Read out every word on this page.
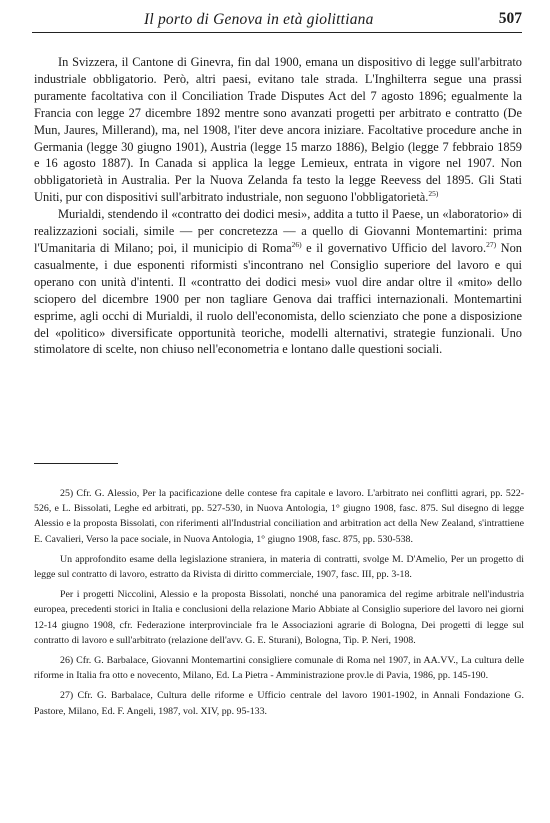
Il porto di Genova in età giolittiana	507

In Svizzera, il Cantone di Ginevra, fin dal 1900, emana un dispositivo di legge sull'arbitrato industriale obbligatorio. Però, altri paesi, evitano tale strada. L'Inghilterra segue una prassi puramente facoltativa con il Conciliation Trade Disputes Act del 7 agosto 1896; egualmente la Francia con legge 27 dicembre 1892 mentre sono avanzati progetti per arbitrato e contratto (De Mun, Jaures, Millerand), ma, nel 1908, l'iter deve ancora iniziare. Facoltative procedure anche in Germania (legge 30 giugno 1901), Austria (legge 15 marzo 1886), Belgio (legge 7 febbraio 1859 e 16 agosto 1887). In Canada si applica la legge Lemieux, entrata in vigore nel 1907. Non obbligatorietà in Australia. Per la Nuova Zelanda fa testo la legge Reevess del 1895. Gli Stati Uniti, pur con dispositivi sull'arbitrato industriale, non seguono l'obbligatorietà.$^{25)}$

Murialdi, stendendo il «contratto dei dodici mesi», addita a tutto il Paese, un «laboratorio» di realizzazioni sociali, simile — per concretezza — a quello di Giovanni Montemartini: prima l'Umanitaria di Milano; poi, il municipio di Roma$^{26)}$ e il governativo Ufficio del lavoro.$^{27)}$ Non casualmente, i due esponenti riformisti s'incontrano nel Consiglio superiore del lavoro e qui operano con unità d'intenti. Il «contratto dei dodici mesi» vuol dire andar oltre il «mito» dello sciopero del dicembre 1900 per non tagliare Genova dai traffici internazionali. Montemartini esprime, agli occhi di Murialdi, il ruolo dell'economista, dello scienziato che pone a disposizione del «politico» diversificate opportunità teoriche, modelli alternativi, strategie funzionali. Uno stimolatore di scelte, non chiuso nell'econometria e lontano dalle questioni sociali.

25) Cfr. G. Alessio, Per la pacificazione delle contese fra capitale e lavoro. L'arbitrato nei conflitti agrari, pp. 522-526, e L. Bissolati, Leghe ed arbitrati, pp. 527-530, in Nuova Antologia, 1° giugno 1908, fasc. 875. Sul disegno di legge Alessio e la proposta Bissolati, con riferimenti all'Industrial conciliation and arbitration act della New Zealand, s'intrattiene E. Cavalieri, Verso la pace sociale, in Nuova Antologia, 1° giugno 1908, fasc. 875, pp. 530-538.

Un approfondito esame della legislazione straniera, in materia di contratti, svolge M. D'Amelio, Per un progetto di legge sul contratto di lavoro, estratto da Rivista di diritto commerciale, 1907, fasc. III, pp. 3-18.

Per i progetti Niccolini, Alessio e la proposta Bissolati, nonché una panoramica del regime arbitrale nell'industria europea, precedenti storici in Italia e conclusioni della relazione Mario Abbiate al Consiglio superiore del lavoro nei giorni 12-14 giugno 1908, cfr. Federazione interprovinciale fra le Associazioni agrarie di Bologna, Dei progetti di legge sul contratto di lavoro e sull'arbitrato (relazione dell'avv. G. E. Sturani), Bologna, Tip. P. Neri, 1908.

26) Cfr. G. Barbalace, Giovanni Montemartini consigliere comunale di Roma nel 1907, in AA.VV., La cultura delle riforme in Italia fra otto e novecento, Milano, Ed. La Pietra - Amministrazione prov.le di Pavia, 1986, pp. 145-190.

27) Cfr. G. Barbalace, Cultura delle riforme e Ufficio centrale del lavoro 1901-1902, in Annali Fondazione G. Pastore, Milano, Ed. F. Angeli, 1987, vol. XIV, pp. 95-133.
